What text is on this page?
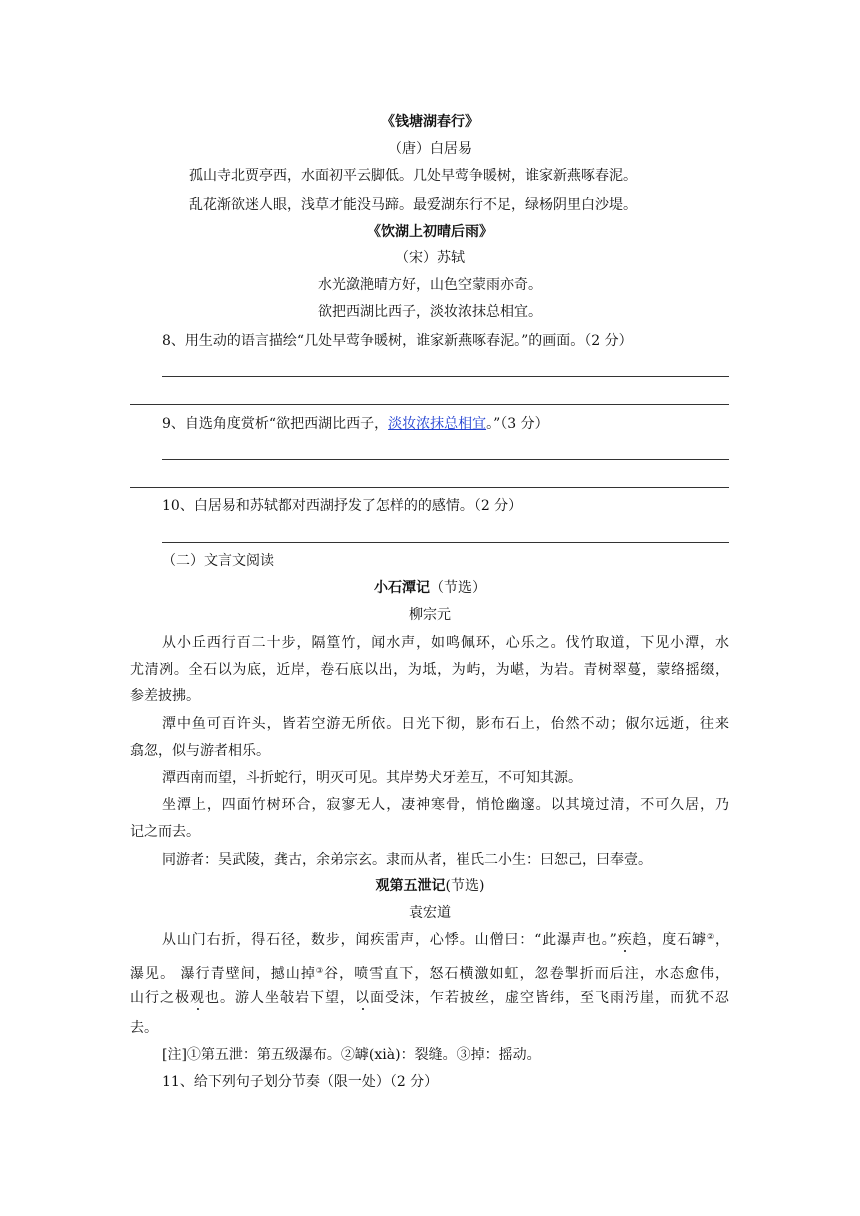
《钱塘湖春行》
（唐）白居易
孤山寺北贾亭西，水面初平云脚低。几处早莺争暖树，谁家新燕啄春泥。
乱花渐欲迷人眼，浅草才能没马蹄。最爱湖东行不足，绿杨阴里白沙堤。
《饮湖上初晴后雨》
（宋）苏轼
水光潋滟晴方好，山色空蒙雨亦奇。
欲把西湖比西子，淡妆浓抹总相宜。
8、用生动的语言描绘“几处早莺争暖树，谁家新燕啄春泥。”的画面。（2 分）
9、自选角度赏析“欲把西湖比西子，淡妆浓抹总相宜。”（3 分）
10、白居易和苏轼都对西湖抒发了怎样的的感情。（2 分）
（二）文言文阅读
小石潭记（节选）
柳宗元
从小丘西行百二十步，隔篁竹，闻水声，如鸣佩环，心乐之。伐竹取道，下见小潭，水
尤清冽。全石以为底，近岸，卷石底以出，为坻，为屿，为嵁，为岩。青树翠蔓，蒙络摇缀，
参差披拂。
潭中鱼可百许头，皆若空游无所依。日光下彻，影布石上，佁然不动；俶尔远逝，往来
翕忽，似与游者相乐。
潭西南而望，斗折蛇行，明灭可见。其岸势犬牙差互，不可知其源。
坐潭上，四面竹树环合，寂寥无人，凄神寒骨，悄怆幽邃。以其境过清，不可久居，乃
记之而去。
同游者：吴武陵，龚古，余弟宗玄。隶而从者，崔氏二小生：曰恕己，曰奉壹。
观第五泄记(节选)
袁宏道
从山门右折，得石径，数步，闻疾雷声，心悸。山僧曰：“此瀑声也。”疾趋，度石罅②，
瀑见。 瀑行青壁间，撼山掉③谷，喷雪直下，怒石横激如虹，忽卷掣折而后注，水态愈伟，
山行之极观也。游人坐敧岩下望，以面受沫，乍若披丝，虚空皆纬，至飞雨汚崖，而犹不忍
去。
[注]①第五泄：第五级瀑布。②罅(xià)：裂缝。③掉：摇动。
11、给下列句子划分节奏（限一处）（2 分）
